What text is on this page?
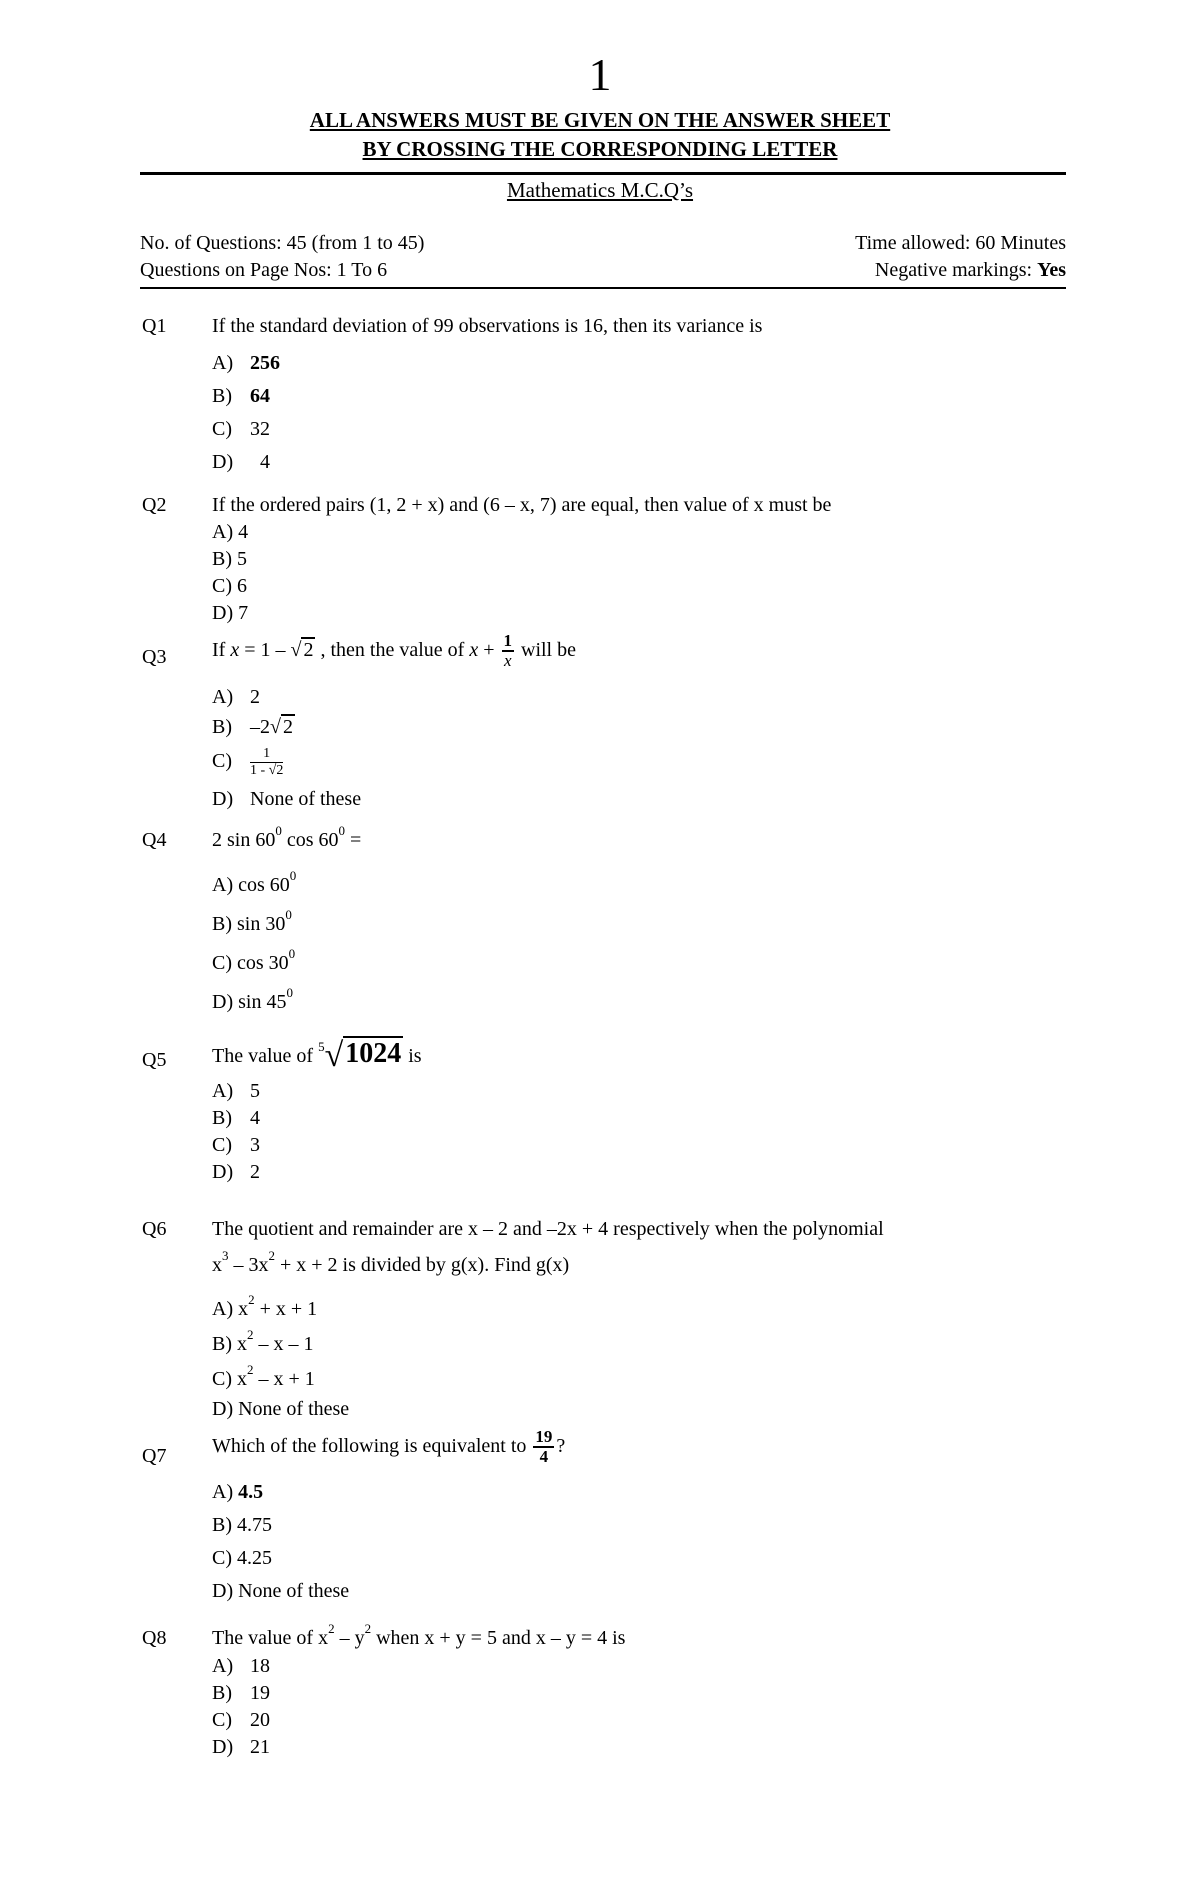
1
ALL ANSWERS MUST BE GIVEN ON THE ANSWER SHEET
BY CROSSING THE CORRESPONDING LETTER
Mathematics M.C.Q’s
No. of Questions: 45 (from 1 to 45)	Time allowed: 60 Minutes
Questions on Page Nos: 1 To 6	Negative markings: Yes
Q1 If the standard deviation of 99 observations is 16, then its variance is
A) 256
B) 64
C) 32
D) 4
Q2 If the ordered pairs (1, 2 + x) and (6 – x, 7) are equal, then value of x must be
A) 4
B) 5
C) 6
D) 7
Q3 If x = 1 – √ 2 , then the value of $x + \frac{1}{x}$ will be
A) 2
B) –2√ 2
$C) \frac{1}{1 - √2}$
D) None of these
Q4 2 $\sin 60^0$ $\cos 60^0$ =
A) $\cos 60^0$
B) $\sin 30^0$
C) $\cos 30^0$
D) $\sin 45^0$
Q5 The value of $^5$√1024 is
A) 5
B) 4
C) 3
D) 2
Q6 The quotient and remainder are x – 2 and –2x + 4 respectively when the polynomial
$x^3 - 3x^2 + x + 2$ is divided by g(x). Find g(x)
A) $x^2 + x + 1$
B) $x^2$ – x – 1
C) $x^2 - x + 1$
D) None of these
Q7 Which of the following is equivalent to $\frac{19}{4}$ ?
A) 4.5
B) 4.75
C) 4.25
D) None of these
Q8 The value of $x^2 - y^2$ when x + y = 5 and x – y = 4 is
A) 18
B) 19
C) 20
D) 21
